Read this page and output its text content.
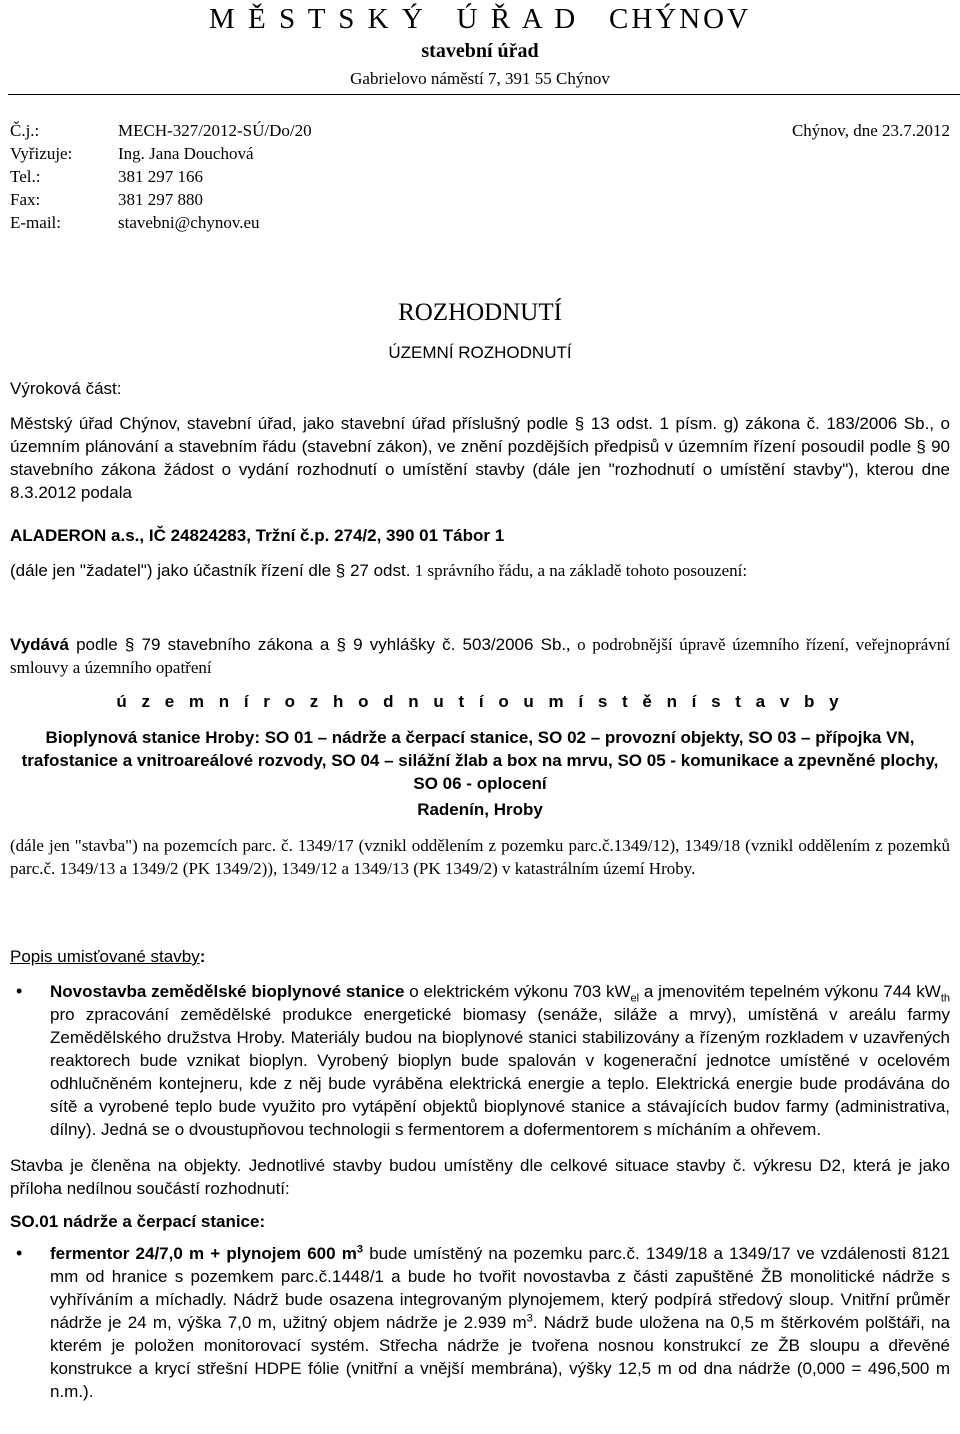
M Ě S T S K Ý   Ú Ř A D   CHÝNOV
stavební úřad
Gabrielovo náměstí 7, 391 55 Chýnov
Č.j.:	MECH-327/2012-SÚ/Do/20	Chýnov, dne 23.7.2012
Vyřizuje:	Ing. Jana Douchová
Tel.:	381 297 166
Fax:	381 297 880
E-mail:	stavebni@chynov.eu
ROZHODNUTÍ
ÚZEMNÍ ROZHODNUTÍ
Výroková část:
Městský úřad Chýnov, stavební úřad, jako stavební úřad příslušný podle § 13 odst. 1 písm. g) zákona č. 183/2006 Sb., o územním plánování a stavebním řádu (stavební zákon), ve znění pozdějších předpisů v územním řízení posoudil podle § 90 stavebního zákona žádost o vydání rozhodnutí o umístění stavby (dále jen "rozhodnutí o umístění stavby"), kterou dne 8.3.2012 podala
ALADERON a.s., IČ 24824283, Tržní č.p. 274/2, 390 01 Tábor 1
(dále jen "žadatel") jako účastník řízení dle § 27 odst. 1 správního řádu, a na základě tohoto posouzení:
Vydává podle § 79 stavebního zákona a § 9 vyhlášky č. 503/2006 Sb., o podrobnější úpravě územního řízení, veřejnoprávní smlouvy a územního opatření
ú z e m n í r o z h o d n u t í o u m í s t ě n í s t a v b y
Bioplynová stanice Hroby: SO 01 – nádrže a čerpací stanice, SO 02 – provozní objekty, SO 03 – přípojka VN, trafostanice a vnitroareálové rozvody, SO 04 – silážní žlab a box na mrvu, SO 05 - komunikace a zpevněné plochy, SO 06 - oplocení
Radenín, Hroby
(dále jen "stavba") na pozemcích parc. č. 1349/17 (vznikl oddělením z pozemku parc.č.1349/12), 1349/18 (vznikl oddělením z pozemků parc.č. 1349/13 a 1349/2 (PK 1349/2)), 1349/12 a 1349/13 (PK 1349/2) v katastrálním území Hroby.
Popis umisťované stavby:
• Novostavba zemědělské bioplynové stanice o elektrickém výkonu 703 $kW_{el}$ a jmenovitém tepelném výkonu 744 $kW_{th}$ pro zpracování zemědělské produkce energetické biomasy (senáže, siláže a mrvy), umístěná v areálu farmy Zemědělského družstva Hroby. Materiály budou na bioplynové stanici stabilizovány a řízeným rozkladem v uzavřených reaktorech bude vznikat bioplyn. Vyrobený bioplyn bude spalován v kogenerační jednotce umístěné v ocelovém odhlučněném kontejneru, kde z něj bude vyráběna elektrická energie a teplo. Elektrická energie bude prodávána do sítě a vyrobené teplo bude využito pro vytápění objektů bioplynové stanice a stávajících budov farmy (administrativa, dílny). Jedná se o dvoustupňovou technologii s fermentorem a dofermentorem s mícháním a ohřevem.
Stavba je členěna na objekty. Jednotlivé stavby budou umístěny dle celkové situace stavby č. výkresu D2, která je jako příloha nedílnou součástí rozhodnutí:
SO.01 nádrže a čerpací stanice:
• fermentor 24/7,0 m + plynojem 600 $m^3$ bude umístěný na pozemku parc.č. 1349/18 a 1349/17 ve vzdálenosti 8121 mm od hranice s pozemkem parc.č.1448/1 a bude ho tvořit novostavba z části zapuštěné ŽB monolitické nádrže s vyhříváním a míchadly. Nádrž bude osazena integrovaným plynojemem, který podpírá středový sloup. Vnitřní průměr nádrže je 24 m, výška 7,0 m, užitný objem nádrže je 2.939 $m^3$. Nádrž bude uložena na 0,5 m štěrkovém polštáři, na kterém je položen monitorovací systém. Střecha nádrže je tvořena nosnou konstrukcí ze ŽB sloupu a dřevěné konstrukce a krycí střešní HDPE fólie (vnitřní a vnější membrána), výšky 12,5 m od dna nádrže (0,000 = 496,500 m n.m.).
